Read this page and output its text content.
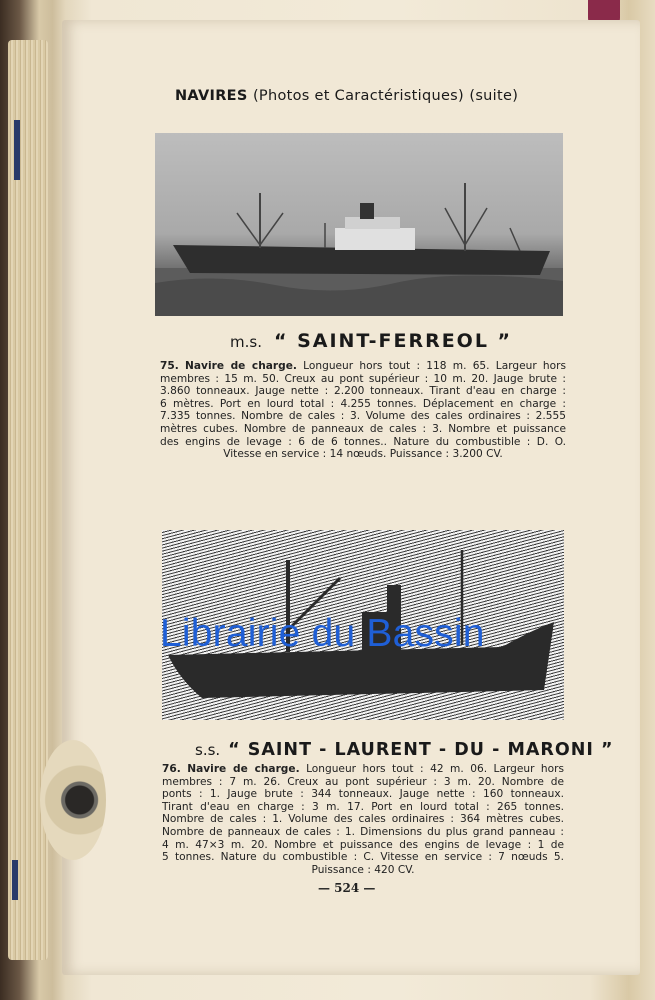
NAVIRES (Photos et Caractéristiques) (suite)
m.s. “ SAINT-FERREOL ”
75. Navire de charge. Longueur hors tout : 118 m. 65. Largeur hors
membres : 15 m. 50. Creux au pont supérieur : 10 m. 20. Jauge brute :
3.860 tonneaux. Jauge nette : 2.200 tonneaux. Tirant d'eau en charge :
6 mètres. Port en lourd total : 4.255 tonnes. Déplacement en charge :
7.335 tonnes. Nombre de cales : 3. Volume des cales ordinaires : 2.555
mètres cubes. Nombre de panneaux de cales : 3. Nombre et puissance
des engins de levage : 6 de 6 tonnes.. Nature du combustible : D. O.
Vitesse en service : 14 nœuds. Puissance : 3.200 CV.
s.s. “ SAINT - LAURENT - DU - MARONI ”
76. Navire de charge. Longueur hors tout : 42 m. 06. Largeur hors
membres : 7 m. 26. Creux au pont supérieur : 3 m. 20. Nombre de
ponts : 1. Jauge brute : 344 tonneaux. Jauge nette : 160 tonneaux.
Tirant d'eau en charge : 3 m. 17. Port en lourd total : 265 tonnes.
Nombre de cales : 1. Volume des cales ordinaires : 364 mètres cubes.
Nombre de panneaux de cales : 1. Dimensions du plus grand panneau :
4 m. 47×3 m. 20. Nombre et puissance des engins de levage : 1 de
5 tonnes. Nature du combustible : C. Vitesse en service : 7 nœuds 5.
Puissance : 420 CV.
— 524 —
Librairie du Bassin
